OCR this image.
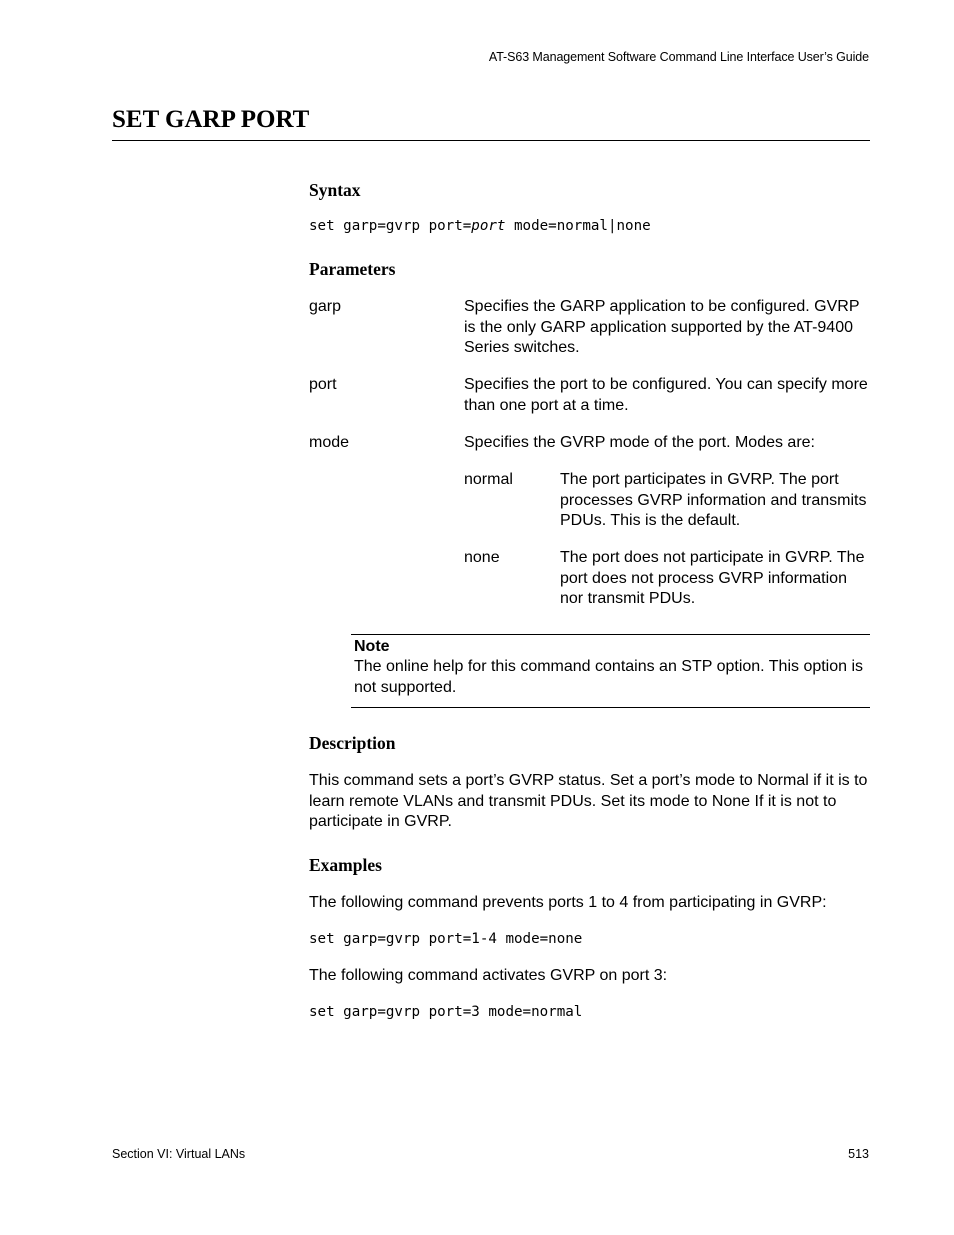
AT-S63 Management Software Command Line Interface User’s Guide
SET GARP PORT
Syntax
set garp=gvrp port=port mode=normal|none
Parameters
garp	Specifies the GARP application to be configured. GVRP is the only GARP application supported by the AT-9400 Series switches.
port	Specifies the port to be configured. You can specify more than one port at a time.
mode	Specifies the GVRP mode of the port. Modes are:
normal	The port participates in GVRP. The port processes GVRP information and transmits PDUs. This is the default.
none	The port does not participate in GVRP. The port does not process GVRP information nor transmit PDUs.
Note
The online help for this command contains an STP option. This option is not supported.
Description
This command sets a port’s GVRP status. Set a port’s mode to Normal if it is to learn remote VLANs and transmit PDUs. Set its mode to None If it is not to participate in GVRP.
Examples
The following command prevents ports 1 to 4 from participating in GVRP:
set garp=gvrp port=1-4 mode=none
The following command activates GVRP on port 3:
set garp=gvrp port=3 mode=normal
Section VI: Virtual LANs	513
